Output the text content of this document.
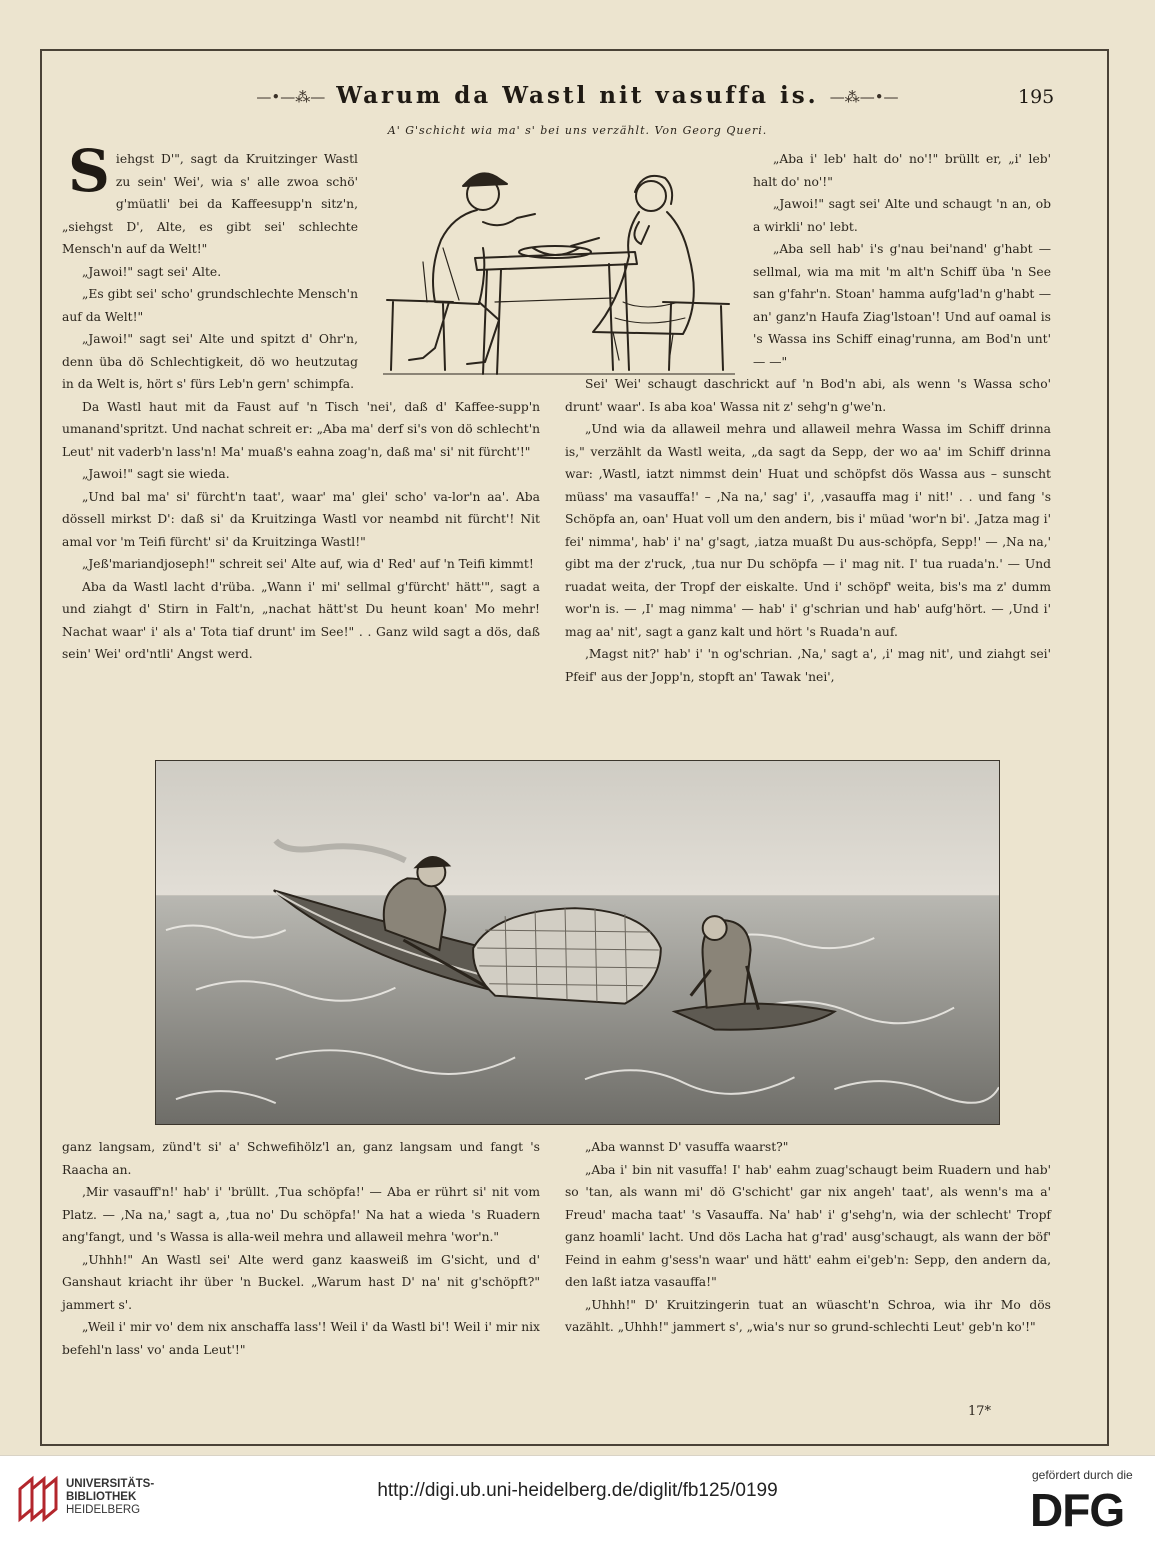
—•—⁂— Warum da Wastl nit vasuffa is. —⁂—•—	195
A' G'schicht wia ma' s' bei uns verzählt. Von Georg Queri.

Siehgst D'", sagt da Kruitzinger Wastl zu sein' Wei', wia s' alle zwoa schö' g'müatli' bei da Kaffeesupp'n sitz'n, „siehgst D', Alte, es gibt sei' schlechte Mensch'n auf da Welt!"

„Jawoi!" sagt sei' Alte.

„Es gibt sei' scho' grundschlechte Mensch'n auf da Welt!"

„Jawoi!" sagt sei' Alte und spitzt d' Ohr'n, denn üba dö Schlechtigkeit, dö wo heutzutag in da Welt is, hört s' fürs Leb'n gern' schimpfa.

Da Wastl haut mit da Faust auf 'n Tisch 'nei', daß d' Kaffee-supp'n umanand'spritzt. Und nachat schreit er: „Aba ma' derf si's von dö schlecht'n Leut' nit vaderb'n lass'n! Ma' muaß's eahna zoag'n, daß ma' si' nit fürcht'!"

„Jawoi!" sagt sie wieda.

„Und bal ma' si' fürcht'n taat', waar' ma' glei' scho' va-lor'n aa'. Aba dössell mirkst D': daß si' da Kruitzinga Wastl vor neambd nit fürcht'! Nit amal vor 'm Teifi fürcht' si' da Kruitzinga Wastl!"

„Jeß'mariandjoseph!" schreit sei' Alte auf, wia d' Red' auf 'n Teifi kimmt!

Aba da Wastl lacht d'rüba. „Wann i' mi' sellmal g'fürcht' hätt'", sagt a und ziahgt d' Stirn in Falt'n, „nachat hätt'st Du heunt koan' Mo mehr! Nachat waar' i' als a' Tota tiaf drunt' im See!" . . Ganz wild sagt a dös, daß sein' Wei' ord'ntli' Angst werd.

„Aba i' leb' halt do' no'!" brüllt er, „i' leb' halt do' no'!"

„Jawoi!" sagt sei' Alte und schaugt 'n an, ob a wirkli' no' lebt.

„Aba sell hab' i's g'nau bei'nand' g'habt — sellmal, wia ma mit 'm alt'n Schiff üba 'n See san g'fahr'n. Stoan' hamma aufg'lad'n g'habt — an' ganz'n Haufa Ziag'lstoan'! Und auf oamal is 's Wassa ins Schiff einag'runna, am Bod'n unt' — —"

Sei' Wei' schaugt daschrickt auf 'n Bod'n abi, als wenn 's Wassa scho' drunt' waar'. Is aba koa' Wassa nit z' sehg'n g'we'n.

„Und wia da allaweil mehra und allaweil mehra Wassa im Schiff drinna is," verzählt da Wastl weita, „da sagt da Sepp, der wo aa' im Schiff drinna war: ‚Wastl, iatzt nimmst dein' Huat und schöpfst dös Wassa aus – sunscht müass' ma vasauffa!' – ‚Na na,' sag' i', ‚vasauffa mag i' nit!' . . und fang 's Schöpfa an, oan' Huat voll um den andern, bis i' müad 'wor'n bi'. ‚Jatza mag i' fei' nimma', hab' i' na' g'sagt, ‚iatza muaßt Du aus-schöpfa, Sepp!' — ‚Na na,' gibt ma der z'ruck, ‚tua nur Du schöpfa — i' mag nit. I' tua ruada'n.' — Und ruadat weita, der Tropf der eiskalte. Und i' schöpf' weita, bis's ma z' dumm wor'n is. — ‚I' mag nimma' — hab' i' g'schrian und hab' aufg'hört. — ‚Und i' mag aa' nit', sagt a ganz kalt und hört 's Ruada'n auf.

‚Magst nit?' hab' i' 'n og'schrian. ‚Na,' sagt a', ‚i' mag nit', und ziahgt sei' Pfeif' aus der Jopp'n, stopft an' Tawak 'nei',

ganz langsam, zünd't si' a' Schwefihölz'l an, ganz langsam und fangt 's Raacha an.

‚Mir vasauff'n!' hab' i' 'brüllt. ‚Tua schöpfa!' — Aba er rührt si' nit vom Platz. — ‚Na na,' sagt a, ‚tua no' Du schöpfa!' Na hat a wieda 's Ruadern ang'fangt, und 's Wassa is alla-weil mehra und allaweil mehra 'wor'n."

„Uhhh!" An Wastl sei' Alte werd ganz kaasweiß im G'sicht, und d' Ganshaut kriacht ihr über 'n Buckel. „Warum hast D' na' nit g'schöpft?" jammert s'.

„Weil i' mir vo' dem nix anschaffa lass'! Weil i' da Wastl bi'! Weil i' mir nix befehl'n lass' vo' anda Leut'!"

„Aba wannst D' vasuffa waarst?"

„Aba i' bin nit vasuffa! I' hab' eahm zuag'schaugt beim Ruadern und hab' so 'tan, als wann mi' dö G'schicht' gar nix angeh' taat', als wenn's ma a' Freud' macha taat' 's Vasauffa. Na' hab' i' g'sehg'n, wia der schlecht' Tropf ganz hoamli' lacht. Und dös Lacha hat g'rad' ausg'schaugt, als wann der böf' Feind in eahm g'sess'n waar' und hätt' eahm ei'geb'n: Sepp, den andern da, den laßt iatza vasauffa!"

„Uhhh!" D' Kruitzingerin tuat an wüascht'n Schroa, wia ihr Mo dös vazählt. „Uhhh!" jammert s', „wia's nur so grund-schlechti Leut' geb'n ko'!"

17*
UNIVERSITÄTS-
BIBLIOTHEK
HEIDELBERG
http://digi.ub.uni-heidelberg.de/diglit/fb125/0199
gefördert durch die
DFG
